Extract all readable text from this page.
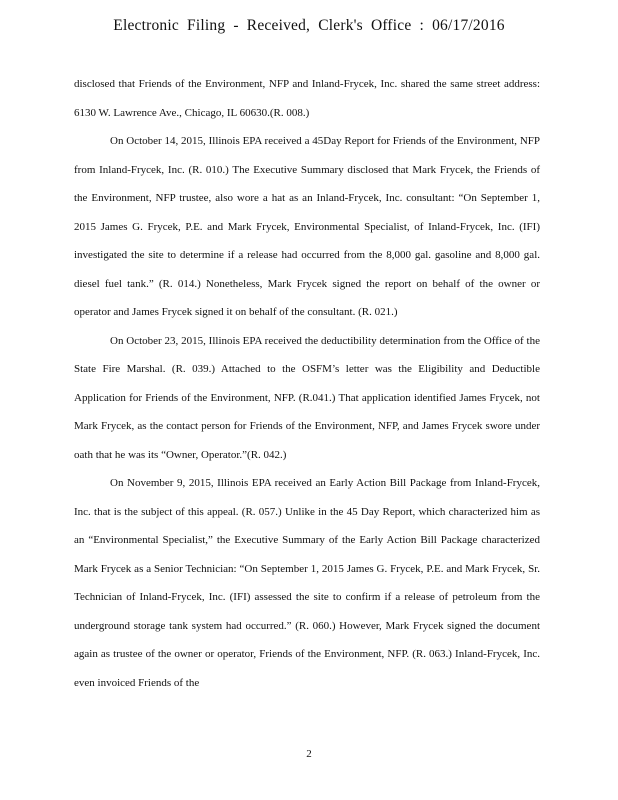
Electronic Filing - Received, Clerk's Office : 06/17/2016

disclosed that Friends of the Environment, NFP and Inland-Frycek, Inc. shared the same street address: 6130 W. Lawrence Ave., Chicago, IL 60630.(R. 008.)

On October 14, 2015, Illinois EPA received a 45Day Report for Friends of the Environment, NFP from Inland-Frycek, Inc. (R. 010.) The Executive Summary disclosed that Mark Frycek, the Friends of the Environment, NFP trustee, also wore a hat as an Inland-Frycek, Inc. consultant: “On September 1, 2015 James G. Frycek, P.E. and Mark Frycek, Environmental Specialist, of Inland-Frycek, Inc. (IFI) investigated the site to determine if a release had occurred from the 8,000 gal. gasoline and 8,000 gal. diesel fuel tank.” (R. 014.) Nonetheless, Mark Frycek signed the report on behalf of the owner or operator and James Frycek signed it on behalf of the consultant. (R. 021.)

On October 23, 2015, Illinois EPA received the deductibility determination from the Office of the State Fire Marshal. (R. 039.) Attached to the OSFM’s letter was the Eligibility and Deductible Application for Friends of the Environment, NFP. (R.041.) That application identified James Frycek, not Mark Frycek, as the contact person for Friends of the Environment, NFP, and James Frycek swore under oath that he was its “Owner, Operator.”(R. 042.)

On November 9, 2015, Illinois EPA received an Early Action Bill Package from Inland-Frycek, Inc. that is the subject of this appeal. (R. 057.) Unlike in the 45 Day Report, which characterized him as an “Environmental Specialist,” the Executive Summary of the Early Action Bill Package characterized Mark Frycek as a Senior Technician: “On September 1, 2015 James G. Frycek, P.E. and Mark Frycek, Sr. Technician of Inland-Frycek, Inc. (IFI) assessed the site to confirm if a release of petroleum from the underground storage tank system had occurred.” (R. 060.) However, Mark Frycek signed the document again as trustee of the owner or operator, Friends of the Environment, NFP. (R. 063.) Inland-Frycek, Inc. even invoiced Friends of the

2
